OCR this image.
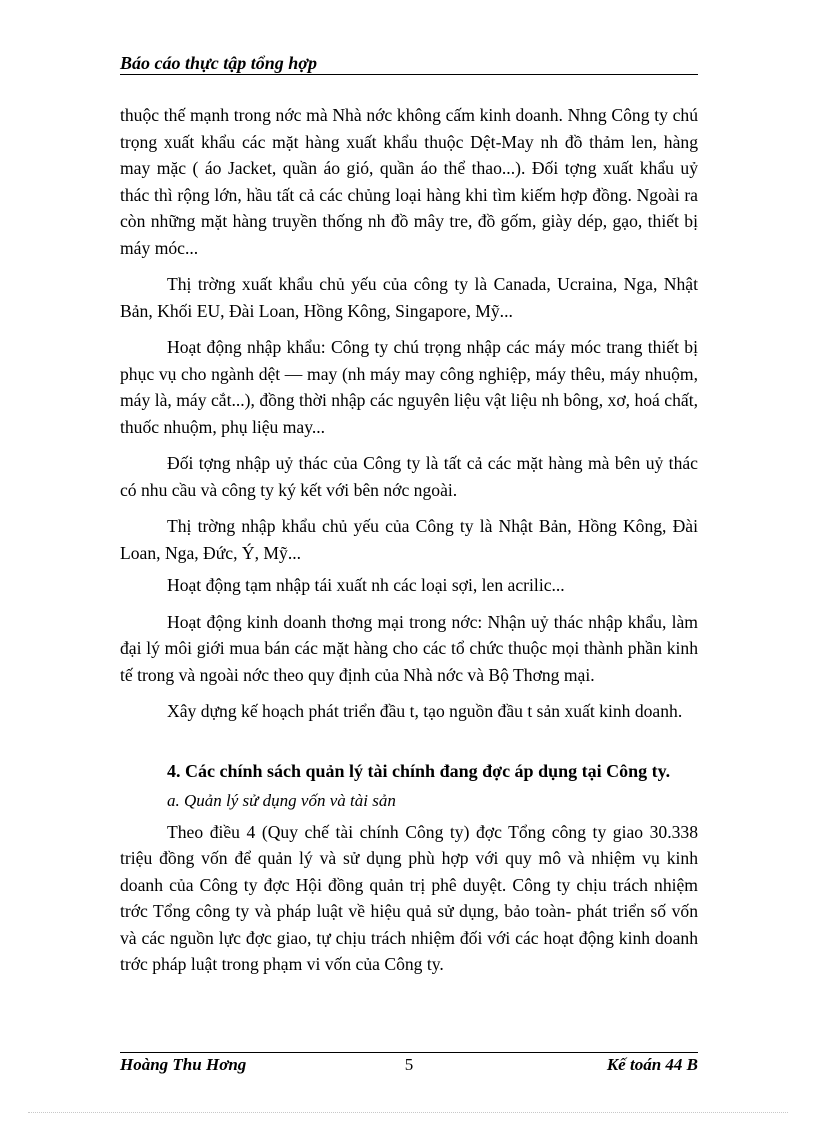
Báo cáo thực tập tổng hợp

thuộc thế mạnh trong nớc mà Nhà nớc không cấm kinh doanh. Nhng Công ty chú trọng xuất khẩu các mặt hàng xuất khẩu thuộc Dệt-May nh đồ thảm len, hàng may mặc ( áo Jacket, quần áo gió, quần áo thể thao...). Đối tợng xuất khẩu uỷ thác thì rộng lớn, hầu tất cả các chủng loại hàng khi tìm kiếm hợp đồng. Ngoài ra còn những mặt hàng truyền thống nh đồ mây tre, đồ gốm, giày dép, gạo, thiết bị máy móc...

Thị trờng xuất khẩu chủ yếu của công ty là Canada, Ucraina, Nga, Nhật Bản, Khối EU, Đài Loan, Hồng Kông, Singapore, Mỹ...

Hoạt động nhập khẩu: Công ty chú trọng nhập các máy móc trang thiết bị phục vụ cho ngành dệt — may (nh máy may công nghiệp, máy thêu, máy nhuộm, máy là, máy cắt...), đồng thời nhập các nguyên liệu vật liệu nh bông, xơ, hoá chất, thuốc nhuộm, phụ liệu may...

Đối tợng nhập uỷ thác của Công ty là tất cả các mặt hàng mà bên uỷ thác có nhu cầu và công ty ký kết với bên nớc ngoài.

Thị trờng nhập khẩu chủ yếu của Công ty là Nhật Bản, Hồng Kông, Đài Loan, Nga, Đức, Ý, Mỹ...

Hoạt động tạm nhập tái xuất nh các loại sợi, len acrilic...

Hoạt động kinh doanh thơng mại trong nớc: Nhận uỷ thác nhập khẩu, làm đại lý môi giới mua bán các mặt hàng cho các tổ chức thuộc mọi thành phần kinh tế trong và ngoài nớc theo quy định của Nhà nớc và Bộ Thơng mại.

Xây dựng kế hoạch phát triển đầu t, tạo nguồn đầu t sản xuất kinh doanh.

4. Các chính sách quản lý tài chính đang đợc áp dụng tại Công ty.
a. Quản lý sử dụng vốn và tài sản

Theo điều 4 (Quy chế tài chính Công ty) đợc Tổng công ty giao 30.338 triệu đồng vốn để quản lý và sử dụng phù hợp với quy mô và nhiệm vụ kinh doanh của Công ty đợc Hội đồng quản trị phê duyệt. Công ty chịu trách nhiệm trớc Tổng công ty và pháp luật về hiệu quả sử dụng, bảo toàn- phát triển số vốn và các nguồn lực đợc giao, tự chịu trách nhiệm đối với các hoạt động kinh doanh trớc pháp luật trong phạm vi vốn của Công ty.

Hoàng Thu Hơng	5	Kế toán 44 B
